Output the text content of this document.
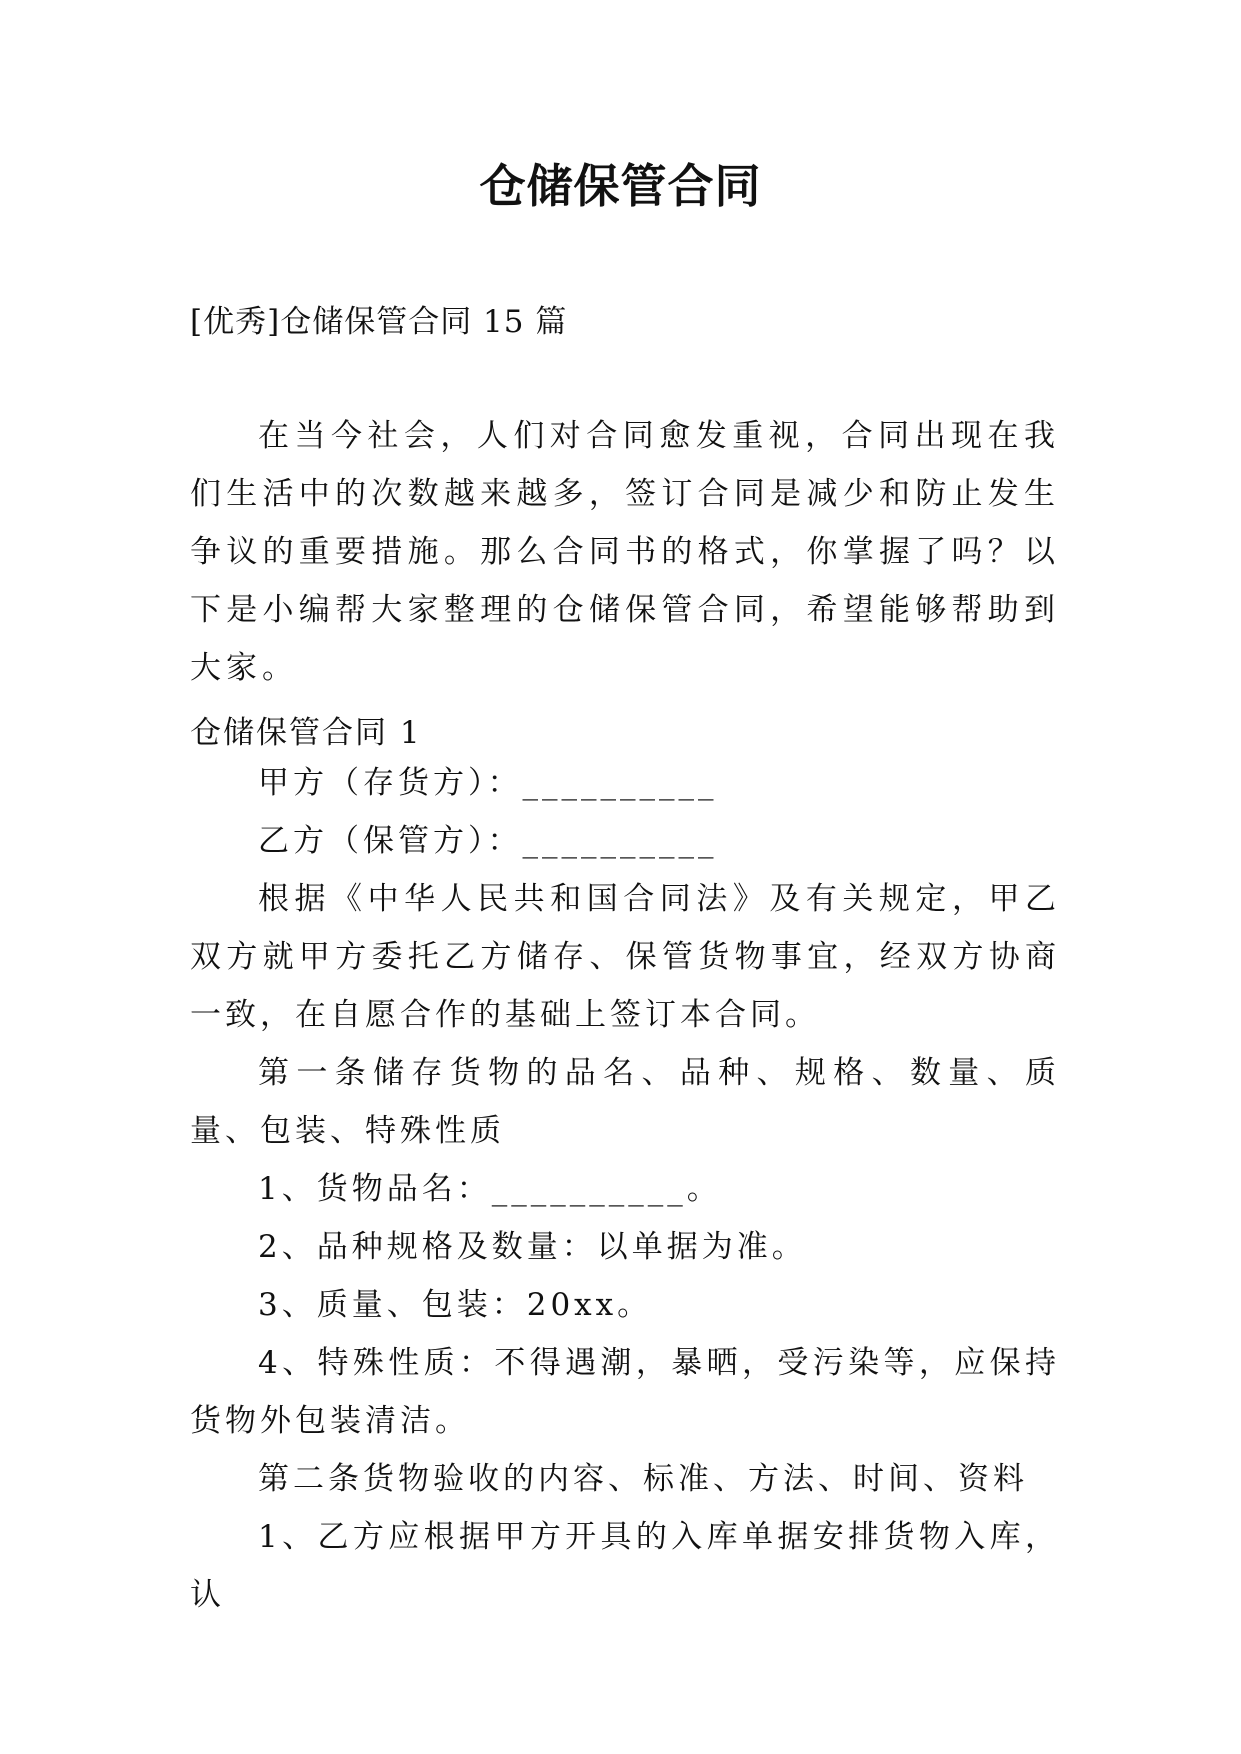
仓储保管合同
[优秀]仓储保管合同 15 篇

在当今社会，人们对合同愈发重视，合同出现在我们生活中的次数越来越多，签订合同是减少和防止发生争议的重要措施。那么合同书的格式，你掌握了吗？以下是小编帮大家整理的仓储保管合同，希望能够帮助到大家。

仓储保管合同 1

甲方（存货方）：__________

乙方（保管方）：__________

根据《中华人民共和国合同法》及有关规定，甲乙双方就甲方委托乙方储存、保管货物事宜，经双方协商一致，在自愿合作的基础上签订本合同。

第一条储存货物的品名、品种、规格、数量、质量、包装、特殊性质

1、货物品名：__________。

2、品种规格及数量：以单据为准。

3、质量、包装：20xx。

4、特殊性质：不得遇潮，暴晒，受污染等，应保持货物外包装清洁。

第二条货物验收的内容、标准、方法、时间、资料

1、乙方应根据甲方开具的入库单据安排货物入库，认
